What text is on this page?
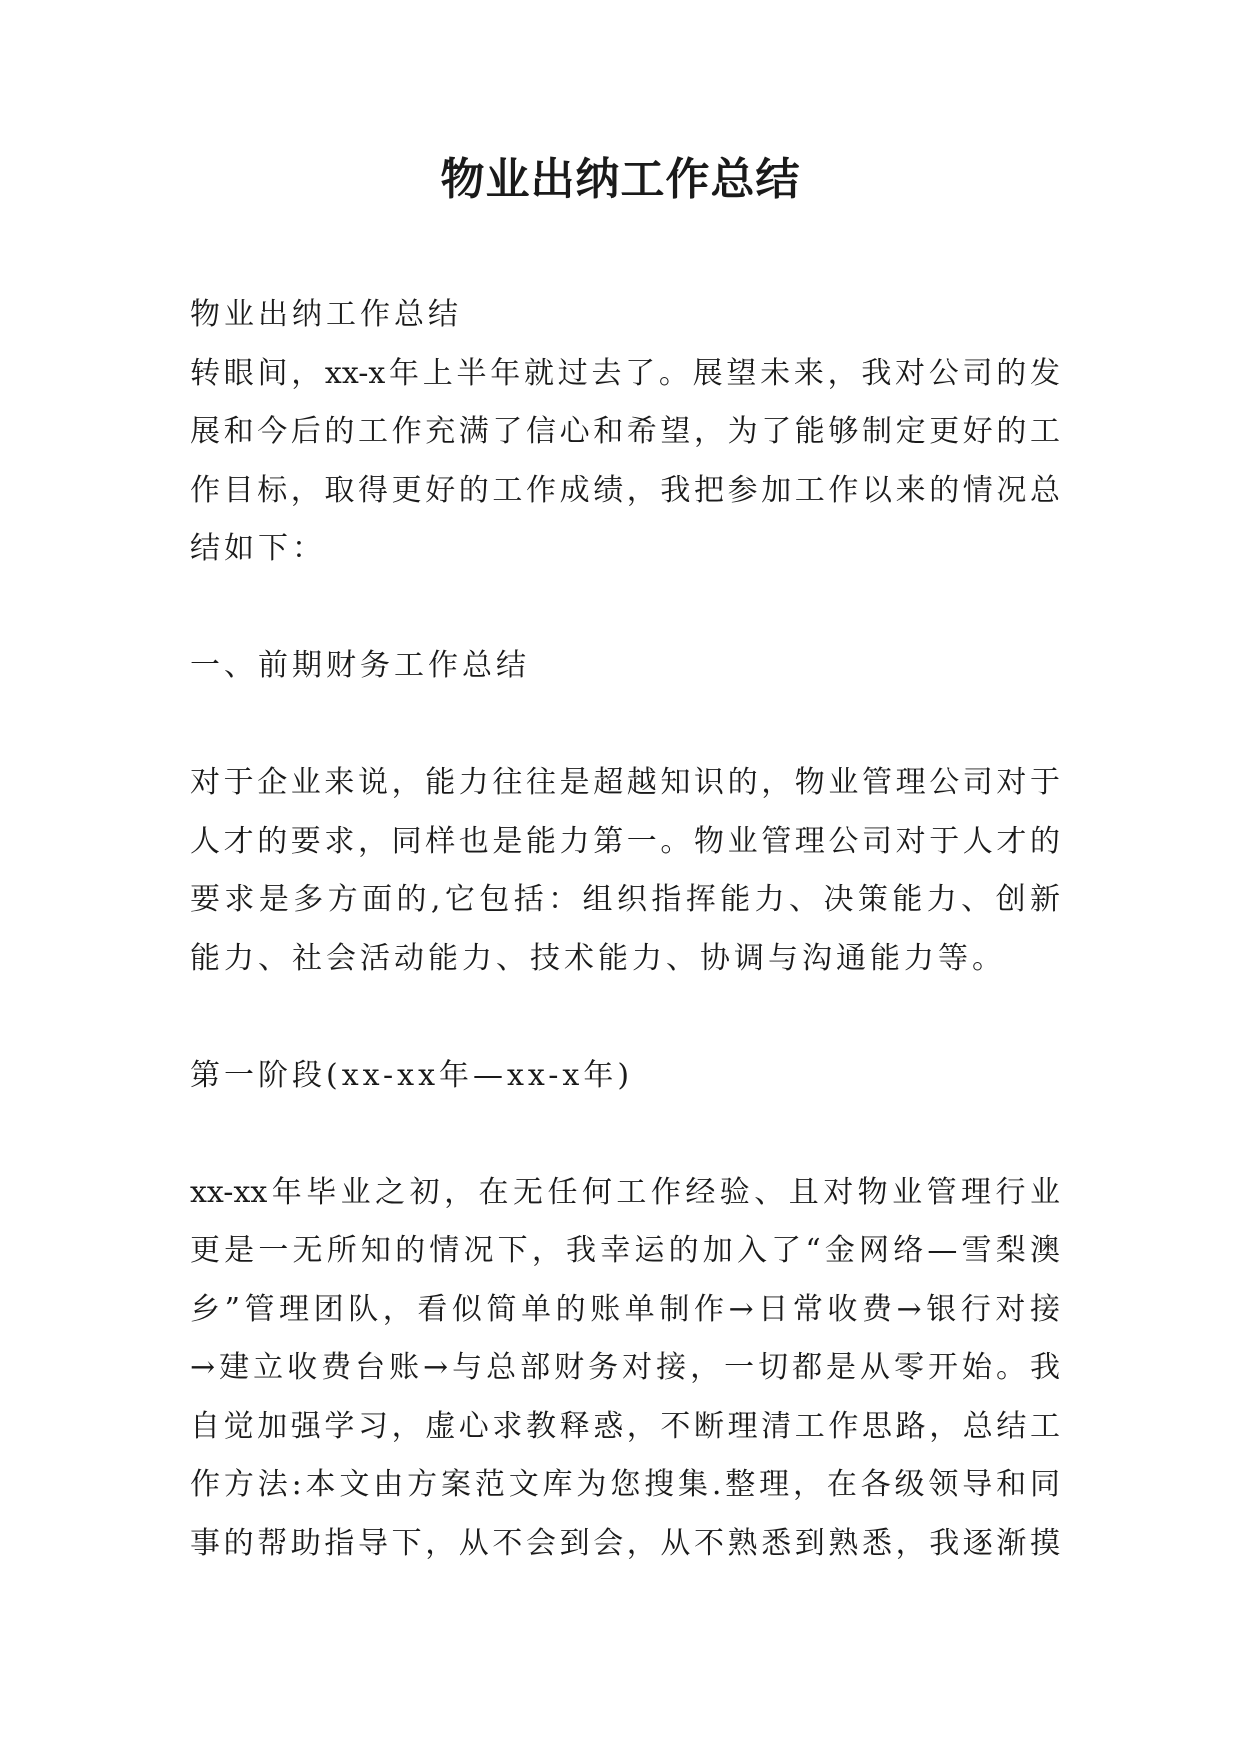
物业出纳工作总结

物业出纳工作总结

转眼间，xx-x年上半年就过去了。展望未来，我对公司的发

展和今后的工作充满了信心和希望，为了能够制定更好的工

作目标，取得更好的工作成绩，我把参加工作以来的情况总

结如下：

一、前期财务工作总结

对于企业来说，能力往往是超越知识的，物业管理公司对于

人才的要求，同样也是能力第一。物业管理公司对于人才的

要求是多方面的,它包括：组织指挥能力、决策能力、创新

能力、社会活动能力、技术能力、协调与沟通能力等。

第一阶段(xx-xx年—xx-x年)

xx-xx年毕业之初，在无任何工作经验、且对物业管理行业

更是一无所知的情况下，我幸运的加入了“金网络—雪梨澳

乡”管理团队，看似简单的账单制作→日常收费→银行对接

→建立收费台账→与总部财务对接，一切都是从零开始。我

自觉加强学习，虚心求教释惑，不断理清工作思路，总结工

作方法:本文由方案范文库为您搜集.整理，在各级领导和同

事的帮助指导下，从不会到会，从不熟悉到熟悉，我逐渐摸
